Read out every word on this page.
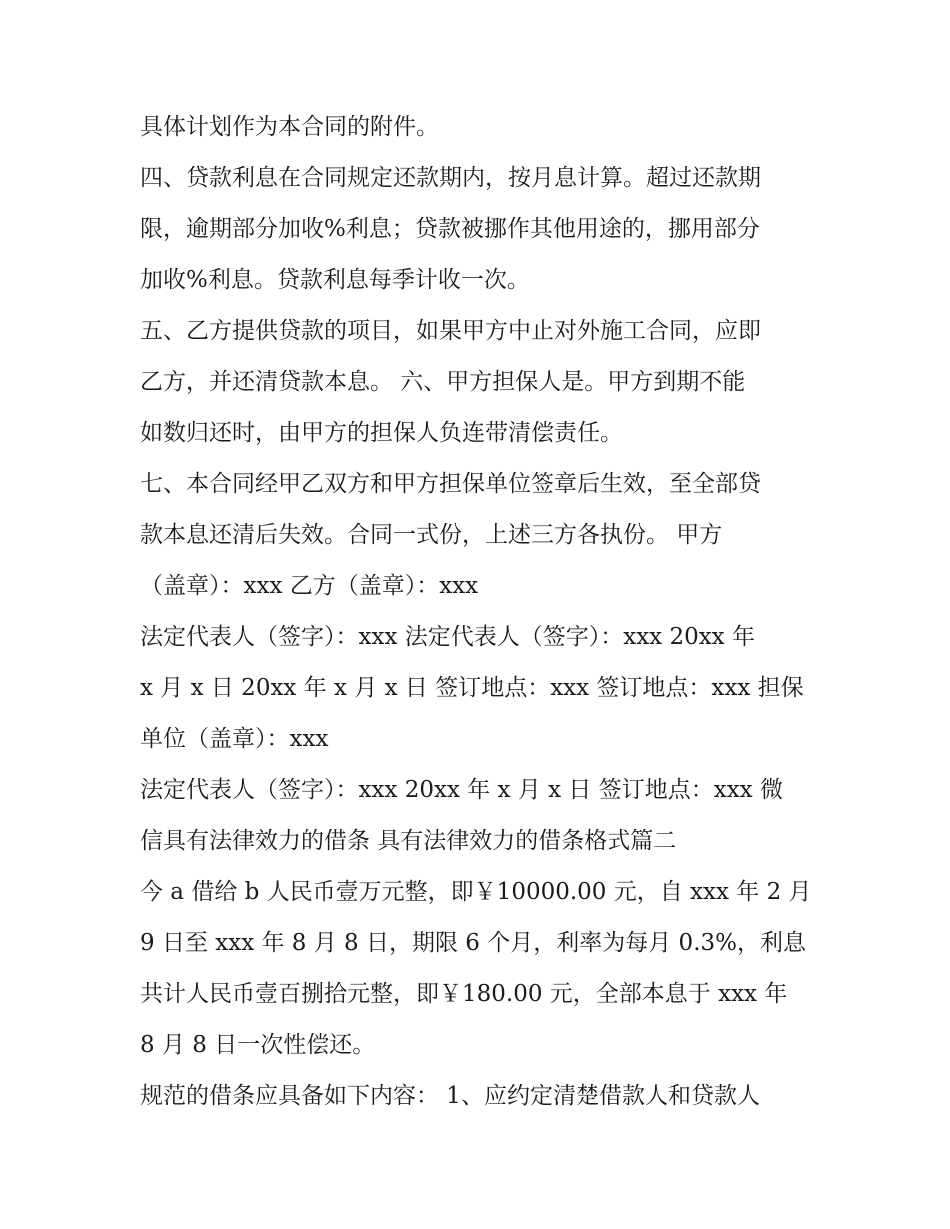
具体计划作为本合同的附件。
四、贷款利息在合同规定还款期内，按月息计算。超过还款期
限，逾期部分加收%利息；贷款被挪作其他用途的，挪用部分
加收%利息。贷款利息每季计收一次。
五、乙方提供贷款的项目，如果甲方中止对外施工合同，应即
乙方，并还清贷款本息。 六、甲方担保人是。甲方到期不能
如数归还时，由甲方的担保人负连带清偿责任。
七、本合同经甲乙双方和甲方担保单位签章后生效，至全部贷
款本息还清后失效。合同一式份，上述三方各执份。 甲方
（盖章）：xxx 乙方（盖章）：xxx
法定代表人（签字）：xxx 法定代表人（签字）：xxx 20xx 年
x 月 x 日 20xx 年 x 月 x 日 签订地点：xxx 签订地点：xxx 担保
单位（盖章）：xxx
法定代表人（签字）：xxx 20xx 年 x 月 x 日 签订地点：xxx 微
信具有法律效力的借条 具有法律效力的借条格式篇二
今 a 借给 b 人民币壹万元整，即￥10000.00 元，自 xxx 年 2 月
9 日至 xxx 年 8 月 8 日，期限 6 个月，利率为每月 0.3%，利息
共计人民币壹百捌拾元整，即￥180.00 元，全部本息于 xxx 年
8 月 8 日一次性偿还。
规范的借条应具备如下内容： 1、应约定清楚借款人和贷款人
